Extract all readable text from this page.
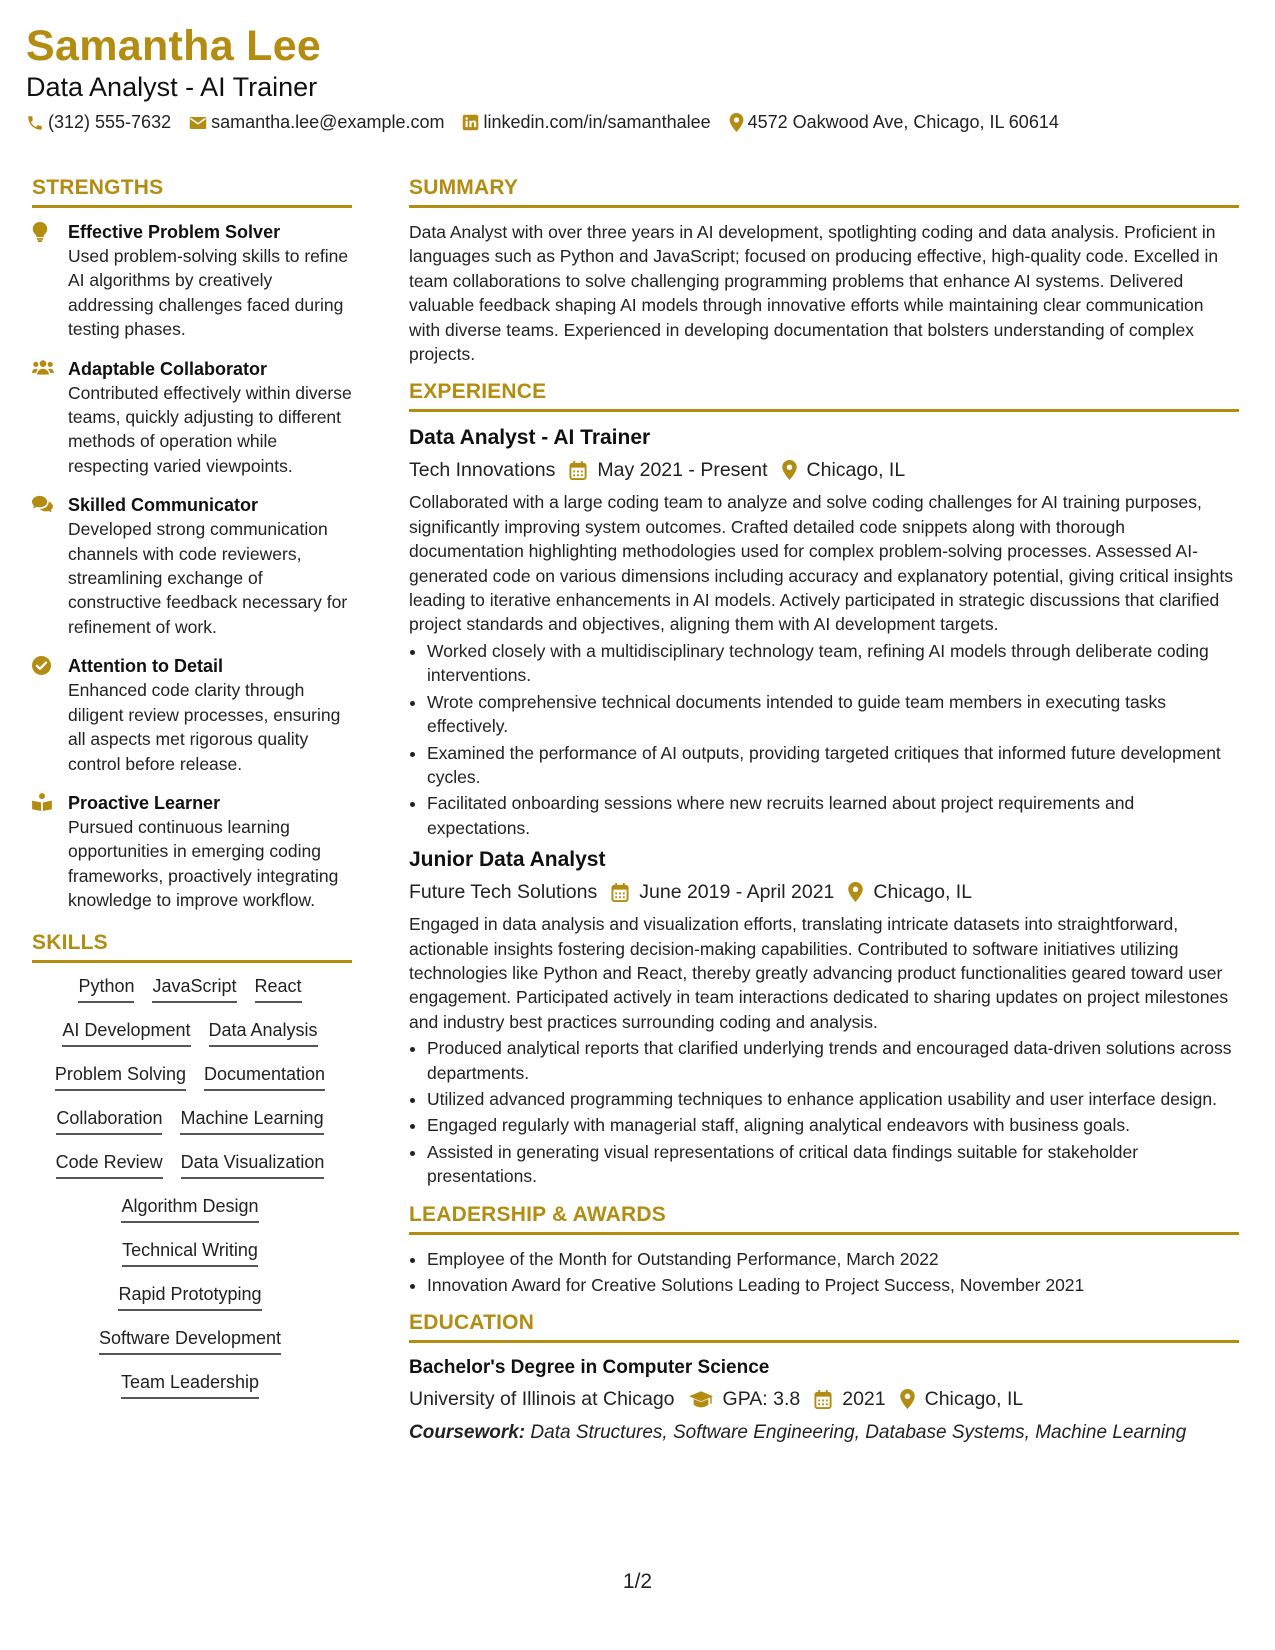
Samantha Lee
Data Analyst - AI Trainer
(312) 555-7632 samantha.lee@example.com linkedin.com/in/samanthalee 4572 Oakwood Ave, Chicago, IL 60614
STRENGTHS
Effective Problem Solver
Used problem-solving skills to refine AI algorithms by creatively addressing challenges faced during testing phases.
Adaptable Collaborator
Contributed effectively within diverse teams, quickly adjusting to different methods of operation while respecting varied viewpoints.
Skilled Communicator
Developed strong communication channels with code reviewers, streamlining exchange of constructive feedback necessary for refinement of work.
Attention to Detail
Enhanced code clarity through diligent review processes, ensuring all aspects met rigorous quality control before release.
Proactive Learner
Pursued continuous learning opportunities in emerging coding frameworks, proactively integrating knowledge to improve workflow.
SKILLS
Python JavaScript React
AI Development Data Analysis
Problem Solving Documentation
Collaboration Machine Learning
Code Review Data Visualization
Algorithm Design
Technical Writing
Rapid Prototyping
Software Development
Team Leadership
SUMMARY
Data Analyst with over three years in AI development, spotlighting coding and data analysis. Proficient in languages such as Python and JavaScript; focused on producing effective, high-quality code. Excelled in team collaborations to solve challenging programming problems that enhance AI systems. Delivered valuable feedback shaping AI models through innovative efforts while maintaining clear communication with diverse teams. Experienced in developing documentation that bolsters understanding of complex projects.
EXPERIENCE
Data Analyst - AI Trainer
Tech Innovations May 2021 - Present Chicago, IL
Collaborated with a large coding team to analyze and solve coding challenges for AI training purposes, significantly improving system outcomes. Crafted detailed code snippets along with thorough documentation highlighting methodologies used for complex problem-solving processes. Assessed AI-generated code on various dimensions including accuracy and explanatory potential, giving critical insights leading to iterative enhancements in AI models. Actively participated in strategic discussions that clarified project standards and objectives, aligning them with AI development targets.
• Worked closely with a multidisciplinary technology team, refining AI models through deliberate coding interventions.
• Wrote comprehensive technical documents intended to guide team members in executing tasks effectively.
• Examined the performance of AI outputs, providing targeted critiques that informed future development cycles.
• Facilitated onboarding sessions where new recruits learned about project requirements and expectations.
Junior Data Analyst
Future Tech Solutions June 2019 - April 2021 Chicago, IL
Engaged in data analysis and visualization efforts, translating intricate datasets into straightforward, actionable insights fostering decision-making capabilities. Contributed to software initiatives utilizing technologies like Python and React, thereby greatly advancing product functionalities geared toward user engagement. Participated actively in team interactions dedicated to sharing updates on project milestones and industry best practices surrounding coding and analysis.
• Produced analytical reports that clarified underlying trends and encouraged data-driven solutions across departments.
• Utilized advanced programming techniques to enhance application usability and user interface design.
• Engaged regularly with managerial staff, aligning analytical endeavors with business goals.
• Assisted in generating visual representations of critical data findings suitable for stakeholder presentations.
LEADERSHIP & AWARDS
• Employee of the Month for Outstanding Performance, March 2022
• Innovation Award for Creative Solutions Leading to Project Success, November 2021
EDUCATION
Bachelor's Degree in Computer Science
University of Illinois at Chicago GPA: 3.8 2021 Chicago, IL
Coursework: Data Structures, Software Engineering, Database Systems, Machine Learning
1/2
